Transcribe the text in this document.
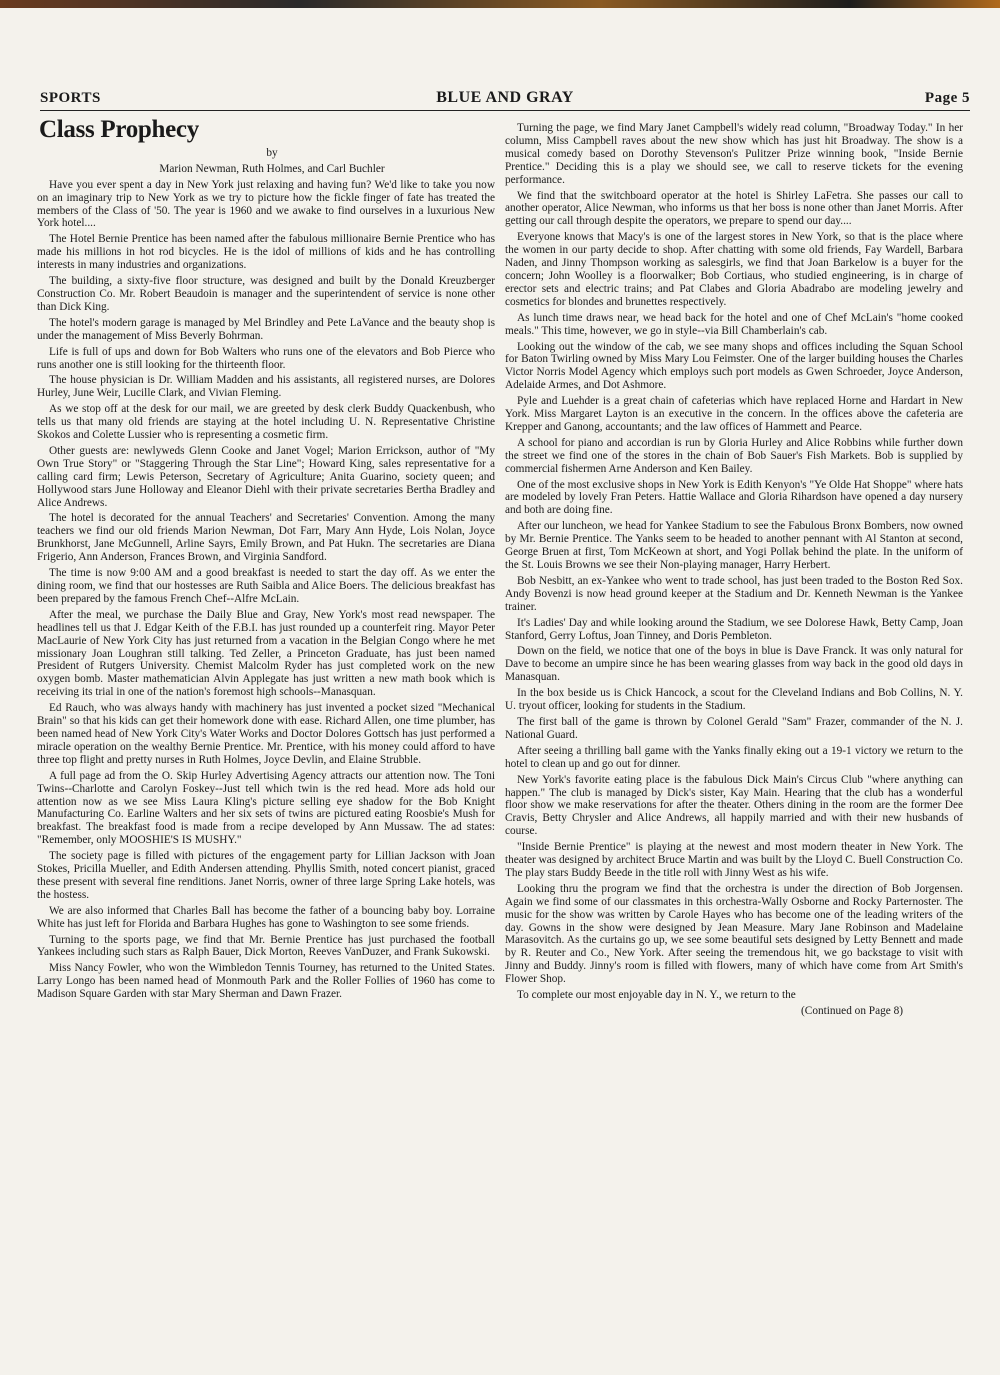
BLUE AND GRAY
SPORTS	Page 5
Class Prophecy

by

Marion Newman, Ruth Holmes, and Carl Buchler

Have you ever spent a day in New York just relaxing and having fun? We'd like to take you now on an imaginary trip to New York as we try to picture how the fickle finger of fate has treated the members of the Class of '50. The year is 1960 and we awake to find ourselves in a luxurious New York hotel....

The Hotel Bernie Prentice has been named after the fabulous millionaire Bernie Prentice who has made his millions in hot rod bicycles. He is the idol of millions of kids and he has controlling interests in many industries and organizations.

The building, a sixty-five floor structure, was designed and built by the Donald Kreuzberger Construction Co. Mr. Robert Beaudoin is manager and the superintendent of service is none other than Dick King.

The hotel's modern garage is managed by Mel Brindley and Pete LaVance and the beauty shop is under the management of Miss Beverly Bohrman.

Life is full of ups and down for Bob Walters who runs one of the elevators and Bob Pierce who runs another one is still looking for the thirteenth floor.

The house physician is Dr. William Madden and his assistants, all registered nurses, are Dolores Hurley, June Weir, Lucille Clark, and Vivian Fleming.

As we stop off at the desk for our mail, we are greeted by desk clerk Buddy Quackenbush, who tells us that many old friends are staying at the hotel including U. N. Representative Christine Skokos and Colette Lussier who is representing a cosmetic firm.

Other guests are: newlyweds Glenn Cooke and Janet Vogel; Marion Errickson, author of "My Own True Story" or "Staggering Through the Star Line"; Howard King, sales representative for a calling card firm; Lewis Peterson, Secretary of Agriculture; Anita Guarino, society queen; and Hollywood stars June Holloway and Eleanor Diehl with their private secretaries Bertha Bradley and Alice Andrews.

The hotel is decorated for the annual Teachers' and Secretaries' Convention. Among the many teachers we find our old friends Marion Newman, Dot Farr, Mary Ann Hyde, Lois Nolan, Joyce Brunkhorst, Jane McGunnell, Arline Sayrs, Emily Brown, and Pat Hukn. The secretaries are Diana Frigerio, Ann Anderson, Frances Brown, and Virginia Sandford.

The time is now 9:00 AM and a good breakfast is needed to start the day off. As we enter the dining room, we find that our hostesses are Ruth Saibla and Alice Boers. The delicious breakfast has been prepared by the famous French Chef--Alfre McLain.

After the meal, we purchase the Daily Blue and Gray, New York's most read newspaper. The headlines tell us that J. Edgar Keith of the F.B.I. has just rounded up a counterfeit ring. Mayor Peter MacLaurie of New York City has just returned from a vacation in the Belgian Congo where he met missionary Joan Loughran still talking. Ted Zeller, a Princeton Graduate, has just been named President of Rutgers University. Chemist Malcolm Ryder has just completed work on the new oxygen bomb. Master mathematician Alvin Applegate has just written a new math book which is receiving its trial in one of the nation's foremost high schools--Manasquan.

Ed Rauch, who was always handy with machinery has just invented a pocket sized "Mechanical Brain" so that his kids can get their homework done with ease. Richard Allen, one time plumber, has been named head of New York City's Water Works and Doctor Dolores Gottsch has just performed a miracle operation on the wealthy Bernie Prentice. Mr. Prentice, with his money could afford to have three top flight and pretty nurses in Ruth Holmes, Joyce Devlin, and Elaine Strubble.

A full page ad from the O. Skip Hurley Advertising Agency attracts our attention now. The Toni Twins--Charlotte and Carolyn Foskey--Just tell which twin is the red head. More ads hold our attention now as we see Miss Laura Kling's picture selling eye shadow for the Bob Knight Manufacturing Co. Earline Walters and her six sets of twins are pictured eating Roosbie's Mush for breakfast. The breakfast food is made from a recipe developed by Ann Mussaw. The ad states: "Remember, only MOOSHIE'S IS MUSHY."

The society page is filled with pictures of the engagement party for Lillian Jackson with Joan Stokes, Pricilla Mueller, and Edith Andersen attending. Phyllis Smith, noted concert pianist, graced these present with several fine renditions. Janet Norris, owner of three large Spring Lake hotels, was the hostess.

We are also informed that Charles Ball has become the father of a bouncing baby boy. Lorraine White has just left for Florida and Barbara Hughes has gone to Washington to see some friends.

Turning to the sports page, we find that Mr. Bernie Prentice has just purchased the football Yankees including such stars as Ralph Bauer, Dick Morton, Reeves VanDuzer, and Frank Sukowski.

Miss Nancy Fowler, who won the Wimbledon Tennis Tourney, has returned to the United States. Larry Longo has been named head of Monmouth Park and the Roller Follies of 1960 has come to Madison Square Garden with star Mary Sherman and Dawn Frazer.

Turning the page, we find Mary Janet Campbell's widely read column, "Broadway Today." In her column, Miss Campbell raves about the new show which has just hit Broadway. The show is a musical comedy based on Dorothy Stevenson's Pulitzer Prize winning book, "Inside Bernie Prentice." Deciding this is a play we should see, we call to reserve tickets for the evening performance.

We find that the switchboard operator at the hotel is Shirley LaFetra. She passes our call to another operator, Alice Newman, who informs us that her boss is none other than Janet Morris. After getting our call through despite the operators, we prepare to spend our day....

Everyone knows that Macy's is one of the largest stores in New York, so that is the place where the women in our party decide to shop. After chatting with some old friends, Fay Wardell, Barbara Naden, and Jinny Thompson working as salesgirls, we find that Joan Barkelow is a buyer for the concern; John Woolley is a floorwalker; Bob Cortiaus, who studied engineering, is in charge of erector sets and electric trains; and Pat Clabes and Gloria Abadrabo are modeling jewelry and cosmetics for blondes and brunettes respectively.

As lunch time draws near, we head back for the hotel and one of Chef McLain's "home cooked meals." This time, however, we go in style--via Bill Chamberlain's cab.

Looking out the window of the cab, we see many shops and offices including the Squan School for Baton Twirling owned by Miss Mary Lou Feimster. One of the larger building houses the Charles Victor Norris Model Agency which employs such port models as Gwen Schroeder, Joyce Anderson, Adelaide Armes, and Dot Ashmore.

Pyle and Luehder is a great chain of cafeterias which have replaced Horne and Hardart in New York. Miss Margaret Layton is an executive in the concern. In the offices above the cafeteria are Krepper and Ganong, accountants; and the law offices of Hammett and Pearce.

A school for piano and accordian is run by Gloria Hurley and Alice Robbins while further down the street we find one of the stores in the chain of Bob Sauer's Fish Markets. Bob is supplied by commercial fishermen Arne Anderson and Ken Bailey.

One of the most exclusive shops in New York is Edith Kenyon's "Ye Olde Hat Shoppe" where hats are modeled by lovely Fran Peters. Hattie Wallace and Gloria Rihardson have opened a day nursery and both are doing fine.

After our luncheon, we head for Yankee Stadium to see the Fabulous Bronx Bombers, now owned by Mr. Bernie Prentice. The Yanks seem to be headed to another pennant with Al Stanton at second, George Bruen at first, Tom McKeown at short, and Yogi Pollak behind the plate. In the uniform of the St. Louis Browns we see their Non-playing manager, Harry Herbert.

Bob Nesbitt, an ex-Yankee who went to trade school, has just been traded to the Boston Red Sox. Andy Bovenzi is now head ground keeper at the Stadium and Dr. Kenneth Newman is the Yankee trainer.

It's Ladies' Day and while looking around the Stadium, we see Dolorese Hawk, Betty Camp, Joan Stanford, Gerry Loftus, Joan Tinney, and Doris Pembleton.

Down on the field, we notice that one of the boys in blue is Dave Franck. It was only natural for Dave to become an umpire since he has been wearing glasses from way back in the good old days in Manasquan.

In the box beside us is Chick Hancock, a scout for the Cleveland Indians and Bob Collins, N. Y. U. tryout officer, looking for students in the Stadium.

The first ball of the game is thrown by Colonel Gerald "Sam" Frazer, commander of the N. J. National Guard.

After seeing a thrilling ball game with the Yanks finally eking out a 19-1 victory we return to the hotel to clean up and go out for dinner.

New York's favorite eating place is the fabulous Dick Main's Circus Club "where anything can happen." The club is managed by Dick's sister, Kay Main. Hearing that the club has a wonderful floor show we make reservations for after the theater. Others dining in the room are the former Dee Cravis, Betty Chrysler and Alice Andrews, all happily married and with their new husbands of course.

"Inside Bernie Prentice" is playing at the newest and most modern theater in New York. The theater was designed by architect Bruce Martin and was built by the Lloyd C. Buell Construction Co. The play stars Buddy Beede in the title roll with Jinny West as his wife.

Looking thru the program we find that the orchestra is under the direction of Bob Jorgensen. Again we find some of our classmates in this orchestra-Wally Osborne and Rocky Parternoster. The music for the show was written by Carole Hayes who has become one of the leading writers of the day. Gowns in the show were designed by Jean Measure. Mary Jane Robinson and Madelaine Marasovitch. As the curtains go up, we see some beautiful sets designed by Letty Bennett and made by R. Reuter and Co., New York. After seeing the tremendous hit, we go backstage to visit with Jinny and Buddy. Jinny's room is filled with flowers, many of which have come from Art Smith's Flower Shop.

To complete our most enjoyable day in N. Y., we return to the

(Continued on Page 8)
